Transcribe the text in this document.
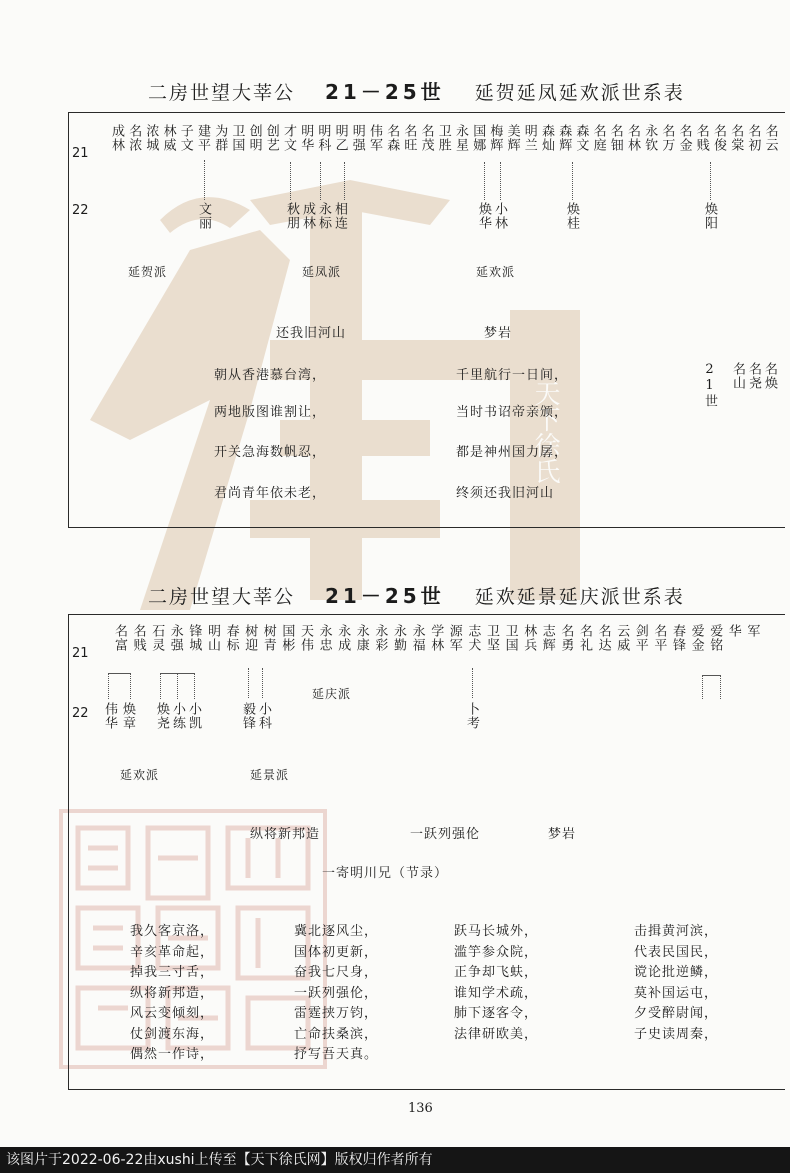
天下徐氏
二房世望大莘公 21－25世 延贺延凤延欢派世系表
21
22
成林 名浓 浓城 林威 子文 建平 为群 卫国 创明 创艺 才文 明华 明科 明乙 明强 伟军 名森 名旺 名茂 卫胜 永星 国娜 梅辉 美辉 明兰 森灿 森辉 森文 名庭 名钿 名林 永钦 名万 名金 名贱 名俊 名棠 名初 名云
文丽	秋朋 成林 永标 相连	焕华 小林	焕桂	焕阳
延贺派	延凤派	延欢派
还我旧河山	梦岩
朝从香港慕台湾，
两地版图谁割让，
开关急海数帆忍，
君尚青年依未老，
千里航行一日间，
当时书诏帝亲颁，
都是神州国力孱，
终须还我旧河山
21世 名山 名尧 名焕
二房世望大莘公 21－25世 延欢延景延庆派世系表
21
22
名富 名贱 石灵 永强 锋城 明山 春标 树迎 树青 国彬 天伟 永忠 永成 永康 永彩 永勤 永福 学林 源军 志犬 卫坚 卫国 林兵 志辉 名勇 名礼 名达 云威 剑平 名平 春锋 爱金 爱铭 华 军
伟华 焕章 焕尧 小练 小凯	毅锋 小科	卜考
延庆派
延欢派	延景派
纵将新邦造	一跃列强伦	梦岩
一寄明川兄（节录）
我久客京洛，
辛亥革命起，
掉我三寸舌，
纵将新邦造，
风云变倾刻，
仗剑渡东海，
偶然一作诗，
冀北逐风尘，
国体初更新，
奋我七尺身，
一跃列强伦，
雷霆挟万钧，
亡命扶桑滨，
抒写吾天真。
跃马长城外，
滥竽参众院，
正争却飞蚨，
谁知学术疏，
肺下逐客令，
法律研欧美，
击揖黄河滨，
代表民国民，
谠论批逆鳞，
莫补国运屯，
夕受醉尉闻，
子史读周秦，
136
该图片于2022-06-22由xushi上传至【天下徐氏网】版权归作者所有
